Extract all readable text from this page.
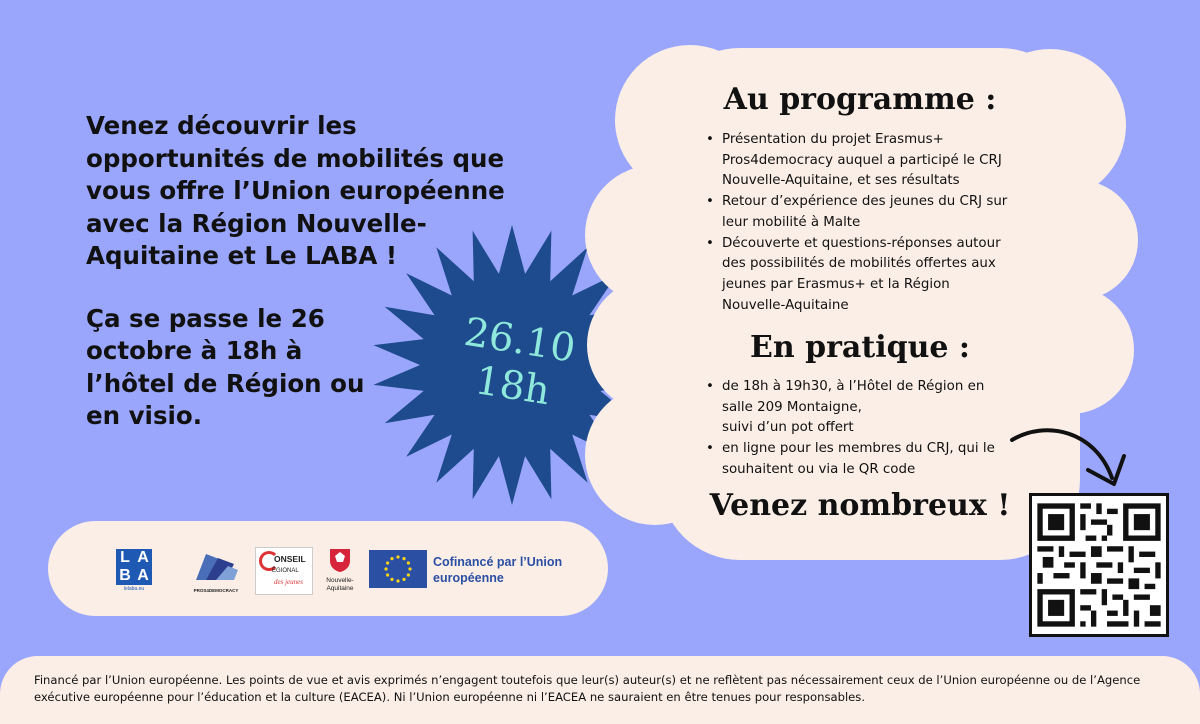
Venez découvrir les opportunités de mobilités que vous offre l’Union européenne avec la Région Nouvelle-Aquitaine et Le LABA !

Ça se passe le 26 octobre à 18h à l’hôtel de Région ou en visio.

26.10
18h
Au programme :
• Présentation du projet Erasmus+ Pros4democracy auquel a participé le CRJ Nouvelle-Aquitaine, et ses résultats
• Retour d’expérience des jeunes du CRJ sur leur mobilité à Malte
• Découverte et questions-réponses autour des possibilités de mobilités offertes aux jeunes par Erasmus+ et la Région Nouvelle-Aquitaine
En pratique :
• de 18h à 19h30, à l’Hôtel de Région en
salle 209 Montaigne,
suivi d’un pot offert
• en ligne pour les membres du CRJ, qui le souhaitent ou via le QR code
Venez nombreux !
L A
B A
lelaba.eu	PROS4DEMOCRACY
ONSEIL
ÉGIONAL
des jeunes	Nouvelle-
Aquitaine
Cofinancé par l’Union européenne
Financé par l’Union européenne. Les points de vue et avis exprimés n’engagent toutefois que leur(s) auteur(s) et ne reflètent pas nécessairement ceux de l’Union européenne ou de l’Agence exécutive européenne pour l’éducation et la culture (EACEA). Ni l’Union européenne ni l’EACEA ne sauraient en être tenues pour responsables.
